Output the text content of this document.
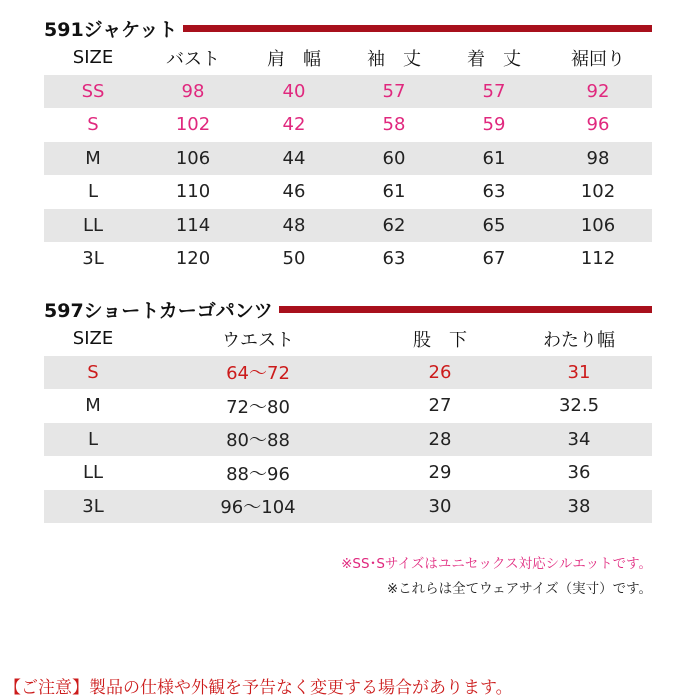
591ジャケット
SIZE	バスト	肩　幅	袖　丈	着　丈	裾回り
SS	98	40	57	57	92
S	102	42	58	59	96
M	106	44	60	61	98
L	110	46	61	63	102
LL	114	48	62	65	106
3L	120	50	63	67	112
597ショートカーゴパンツ
SIZE	ウエスト	股　下	わたり幅
S	64〜72	26	31
M	72〜80	27	32.5
L	80〜88	28	34
LL	88〜96	29	36
3L	96〜104	30	38
※SS･Sサイズはユニセックス対応シルエットです。
※これらは全てウェアサイズ（実寸）です。
【ご注意】製品の仕様や外観を予告なく変更する場合があります。
